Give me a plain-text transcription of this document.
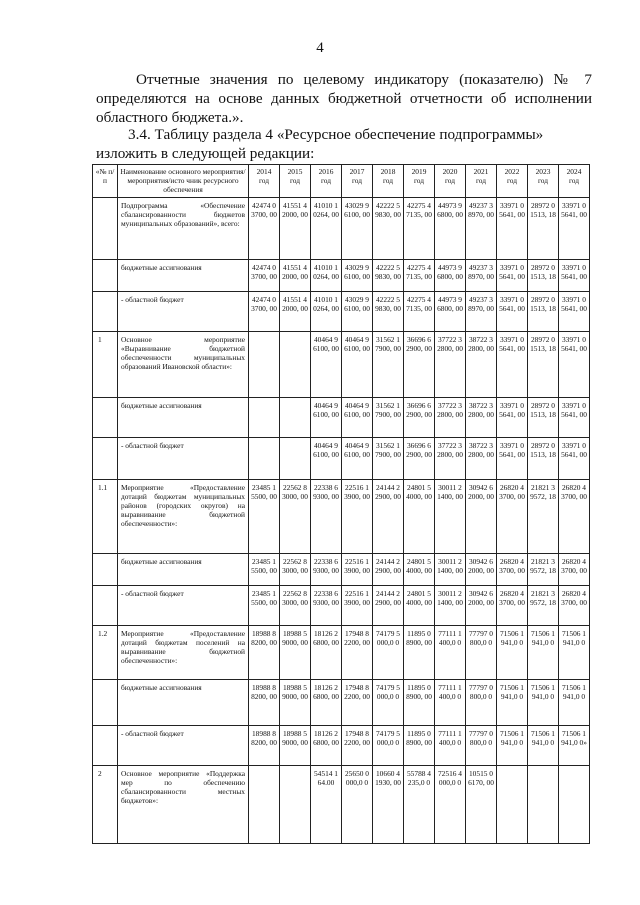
4

Отчетные значения по целевому индикатору (показателю) № 7 определяются на основе данных бюджетной отчетности об исполнении областного бюджета.».

3.4. Таблицу раздела 4 «Ресурсное обеспечение подпрограммы» изложить в следующей редакции:

«№ п/п	Наименование основного мероприятия/мероприятия/исто чник ресурсного обеспечения	2014 год	2015 год	2016 год	2017 год	2018 год	2019 год	2020 год	2021 год	2022 год	2023 год	2024 год
	Подпрограмма «Обеспечение сбалансированности бюджетов муниципальных образований», всего:	42474 03700, 00	41551 42000, 00	41010 10264, 00	43029 96100, 00	42222 59830, 00	42275 47135, 00	44973 96800, 00	49237 38970, 00	33971 05641, 00	28972 01513, 18	33971 05641, 00
	бюджетные ассигнования	42474 03700, 00	41551 42000, 00	41010 10264, 00	43029 96100, 00	42222 59830, 00	42275 47135, 00	44973 96800, 00	49237 38970, 00	33971 05641, 00	28972 01513, 18	33971 05641, 00
	- областной бюджет	42474 03700, 00	41551 42000, 00	41010 10264, 00	43029 96100, 00	42222 59830, 00	42275 47135, 00	44973 96800, 00	49237 38970, 00	33971 05641, 00	28972 01513, 18	33971 05641, 00
1	Основное мероприятие «Выравнивание бюджетной обеспеченности муниципальных образований Ивановской области»:			40464 96100, 00	40464 96100, 00	31562 17900, 00	36696 62900, 00	37722 32800, 00	38722 32800, 00	33971 05641, 00	28972 01513, 18	33971 05641, 00
	бюджетные ассигнования			40464 96100, 00	40464 96100, 00	31562 17900, 00	36696 62900, 00	37722 32800, 00	38722 32800, 00	33971 05641, 00	28972 01513, 18	33971 05641, 00
	- областной бюджет			40464 96100, 00	40464 96100, 00	31562 17900, 00	36696 62900, 00	37722 32800, 00	38722 32800, 00	33971 05641, 00	28972 01513, 18	33971 05641, 00
1.1	Мероприятие «Предоставление дотаций бюджетам муниципальных районов (городских округов) на выравнивание бюджетной обеспеченности»:	23485 15500, 00	22562 83000, 00	22338 69300, 00	22516 13900, 00	24144 22900, 00	24801 54000, 00	30011 21400, 00	30942 62000, 00	26820 43700, 00	21821 39572, 18	26820 43700, 00
	бюджетные ассигнования	23485 15500, 00	22562 83000, 00	22338 69300, 00	22516 13900, 00	24144 22900, 00	24801 54000, 00	30011 21400, 00	30942 62000, 00	26820 43700, 00	21821 39572, 18	26820 43700, 00
	- областной бюджет	23485 15500, 00	22562 83000, 00	22338 69300, 00	22516 13900, 00	24144 22900, 00	24801 54000, 00	30011 21400, 00	30942 62000, 00	26820 43700, 00	21821 39572, 18	26820 43700, 00
1.2	Мероприятие «Предоставление дотаций бюджетам поселений на выравнивание бюджетной обеспеченности»:	18988 88200, 00	18988 59000, 00	18126 26800, 00	17948 82200, 00	74179 5000,0 0	11895 08900, 00	77111 1400,0 0	77797 0800,0 0	71506 1941,0 0	71506 1941,0 0	71506 1941,0 0
	бюджетные ассигнования	18988 88200, 00	18988 59000, 00	18126 26800, 00	17948 82200, 00	74179 5000,0 0	11895 08900, 00	77111 1400,0 0	77797 0800,0 0	71506 1941,0 0	71506 1941,0 0	71506 1941,0 0
	- областной бюджет	18988 88200, 00	18988 59000, 00	18126 26800, 00	17948 82200, 00	74179 5000,0 0	11895 08900, 00	77111 1400,0 0	77797 0800,0 0	71506 1941,0 0	71506 1941,0 0	71506 1941,0 0»
2	Основное мероприятие «Поддержка мер по обеспечению сбалансированности местных бюджетов»:			54514 164.00	25650 0000,0 0	10660 41930, 00	55788 4235,0 0	72516 4000,0 0	10515 06170, 00			
